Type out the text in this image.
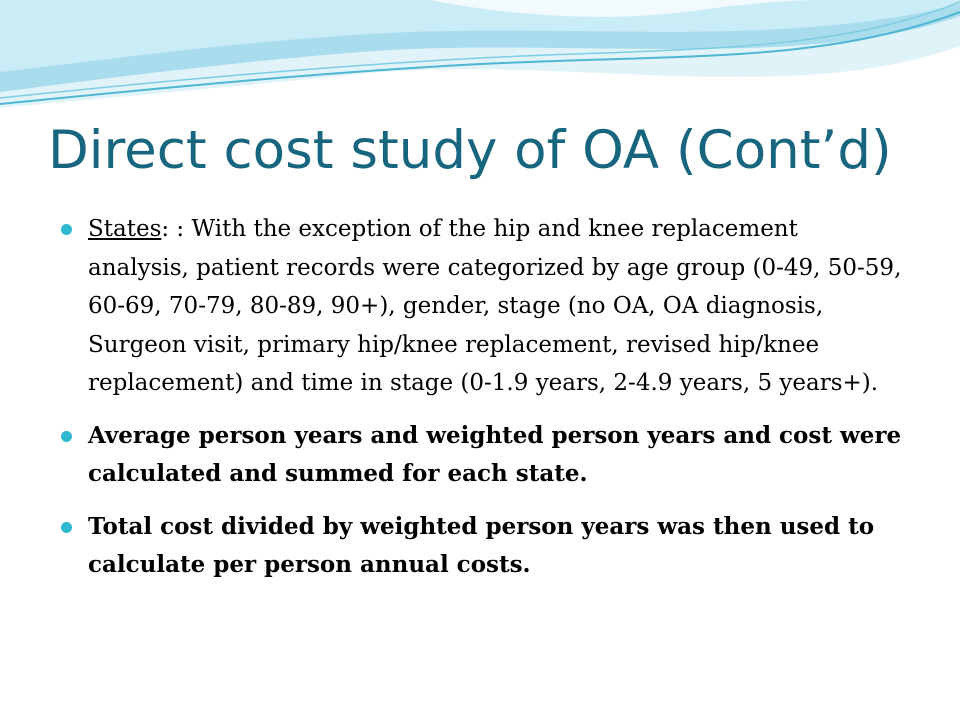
Direct cost study of OA (Cont’d)
States: : With the exception of the hip and knee replacement analysis, patient records were categorized by age group (0-49, 50-59, 60-69, 70-79, 80-89, 90+), gender, stage (no OA, OA diagnosis, Surgeon visit, primary hip/knee replacement, revised hip/knee replacement) and time in stage (0-1.9 years, 2-4.9 years, 5 years+).
Average person years and weighted person years and cost were calculated and summed for each state.
Total cost divided by weighted person years was then used to calculate per person annual costs.
